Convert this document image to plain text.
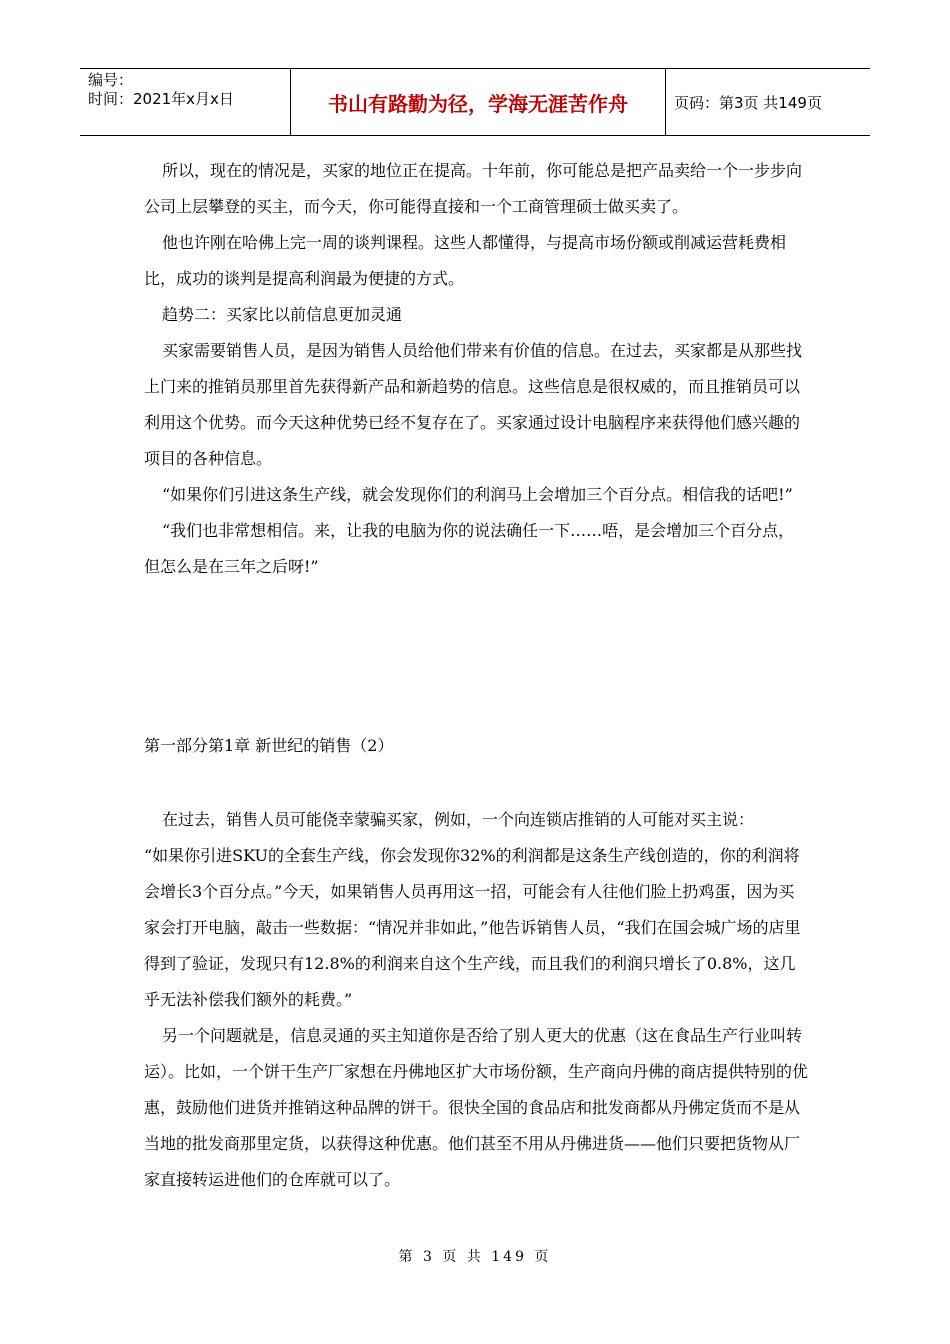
编号：
时间：2021年x月x日	书山有路勤为径，学海无涯苦作舟	页码：第3页 共149页

所以，现在的情况是，买家的地位正在提高。十年前，你可能总是把产品卖给一个一步步向公司上层攀登的买主，而今天，你可能得直接和一个工商管理硕士做买卖了。

他也许刚在哈佛上完一周的谈判课程。这些人都懂得，与提高市场份额或削减运营耗费相比，成功的谈判是提高利润最为便捷的方式。

趋势二：买家比以前信息更加灵通

买家需要销售人员，是因为销售人员给他们带来有价值的信息。在过去，买家都是从那些找上门来的推销员那里首先获得新产品和新趋势的信息。这些信息是很权威的，而且推销员可以利用这个优势。而今天这种优势已经不复存在了。买家通过设计电脑程序来获得他们感兴趣的项目的各种信息。

“如果你们引进这条生产线，就会发现你们的利润马上会增加三个百分点。相信我的话吧!”

“我们也非常想相信。来，让我的电脑为你的说法确任一下……唔，是会增加三个百分点，但怎么是在三年之后呀!”

第一部分第1章 新世纪的销售（2）

在过去，销售人员可能侥幸蒙骗买家，例如，一个向连锁店推销的人可能对买主说：

“如果你引进SKU的全套生产线，你会发现你32%的利润都是这条生产线创造的，你的利润将会增长3个百分点。”今天，如果销售人员再用这一招，可能会有人往他们脸上扔鸡蛋，因为买家会打开电脑，敲击一些数据：“情况并非如此，”他告诉销售人员，“我们在国会城广场的店里得到了验证，发现只有12.8%的利润来自这个生产线，而且我们的利润只增长了0.8%，这几乎无法补偿我们额外的耗费。”

另一个问题就是，信息灵通的买主知道你是否给了别人更大的优惠（这在食品生产行业叫转运）。比如，一个饼干生产厂家想在丹佛地区扩大市场份额，生产商向丹佛的商店提供特别的优惠，鼓励他们进货并推销这种品牌的饼干。很快全国的食品店和批发商都从丹佛定货而不是从当地的批发商那里定货，以获得这种优惠。他们甚至不用从丹佛进货——他们只要把货物从厂家直接转运进他们的仓库就可以了。

第 3 页 共 149 页
